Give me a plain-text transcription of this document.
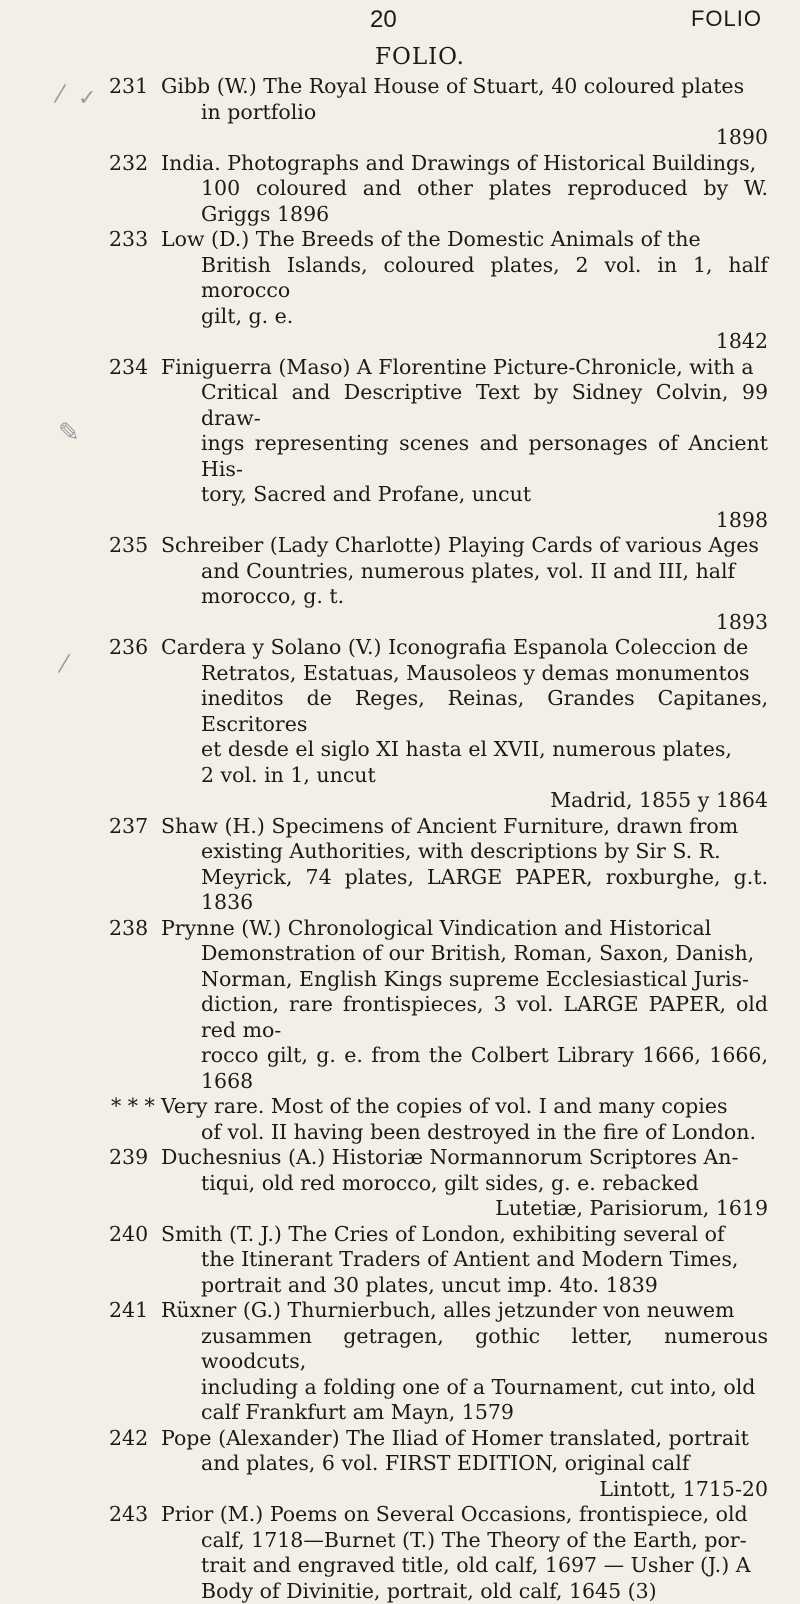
⁄ ✓
✎
⁄
20	FOLIO
FOLIO.
231 Gibb (W.) The Royal House of Stuart, 40 coloured plates
in portfolio
1890
232 India. Photographs and Drawings of Historical Buildings,
100 coloured and other plates reproduced by W. Griggs 1896
233 Low (D.) The Breeds of the Domestic Animals of the
British Islands, coloured plates, 2 vol. in 1, half morocco
gilt, g. e.
1842
234 Finiguerra (Maso) A Florentine Picture-Chronicle, with a
Critical and Descriptive Text by Sidney Colvin, 99 draw-
ings representing scenes and personages of Ancient His-
tory, Sacred and Profane, uncut
1898
235 Schreiber (Lady Charlotte) Playing Cards of various Ages
and Countries, numerous plates, vol. II and III, half
morocco, g. t.
1893
236 Cardera y Solano (V.) Iconografia Espanola Coleccion de
Retratos, Estatuas, Mausoleos y demas monumentos
ineditos de Reges, Reinas, Grandes Capitanes, Escritores
et desde el siglo XI hasta el XVII, numerous plates,
2 vol. in 1, uncut
Madrid, 1855 y 1864
237 Shaw (H.) Specimens of Ancient Furniture, drawn from
existing Authorities, with descriptions by Sir S. R.
Meyrick, 74 plates, LARGE PAPER, roxburghe, g.t. 1836
238 Prynne (W.) Chronological Vindication and Historical
Demonstration of our British, Roman, Saxon, Danish,
Norman, English Kings supreme Ecclesiastical Juris-
diction, rare frontispieces, 3 vol. LARGE PAPER, old red mo-
rocco gilt, g. e. from the Colbert Library 1666, 1666, 1668
* * * Very rare. Most of the copies of vol. I and many copies
of vol. II having been destroyed in the fire of London.
239 Duchesnius (A.) Historiæ Normannorum Scriptores An-
tiqui, old red morocco, gilt sides, g. e. rebacked
Lutetiæ, Parisiorum, 1619
240 Smith (T. J.) The Cries of London, exhibiting several of
the Itinerant Traders of Antient and Modern Times,
portrait and 30 plates, uncut imp. 4to. 1839
241 Rüxner (G.) Thurnierbuch, alles jetzunder von neuwem
zusammen getragen, gothic letter, numerous woodcuts,
including a folding one of a Tournament, cut into, old
calf Frankfurt am Mayn, 1579
242 Pope (Alexander) The Iliad of Homer translated, portrait
and plates, 6 vol. FIRST EDITION, original calf
Lintott, 1715-20
243 Prior (M.) Poems on Several Occasions, frontispiece, old
calf, 1718—Burnet (T.) The Theory of the Earth, por-
trait and engraved title, old calf, 1697 — Usher (J.) A
Body of Divinitie, portrait, old calf, 1645 (3)
